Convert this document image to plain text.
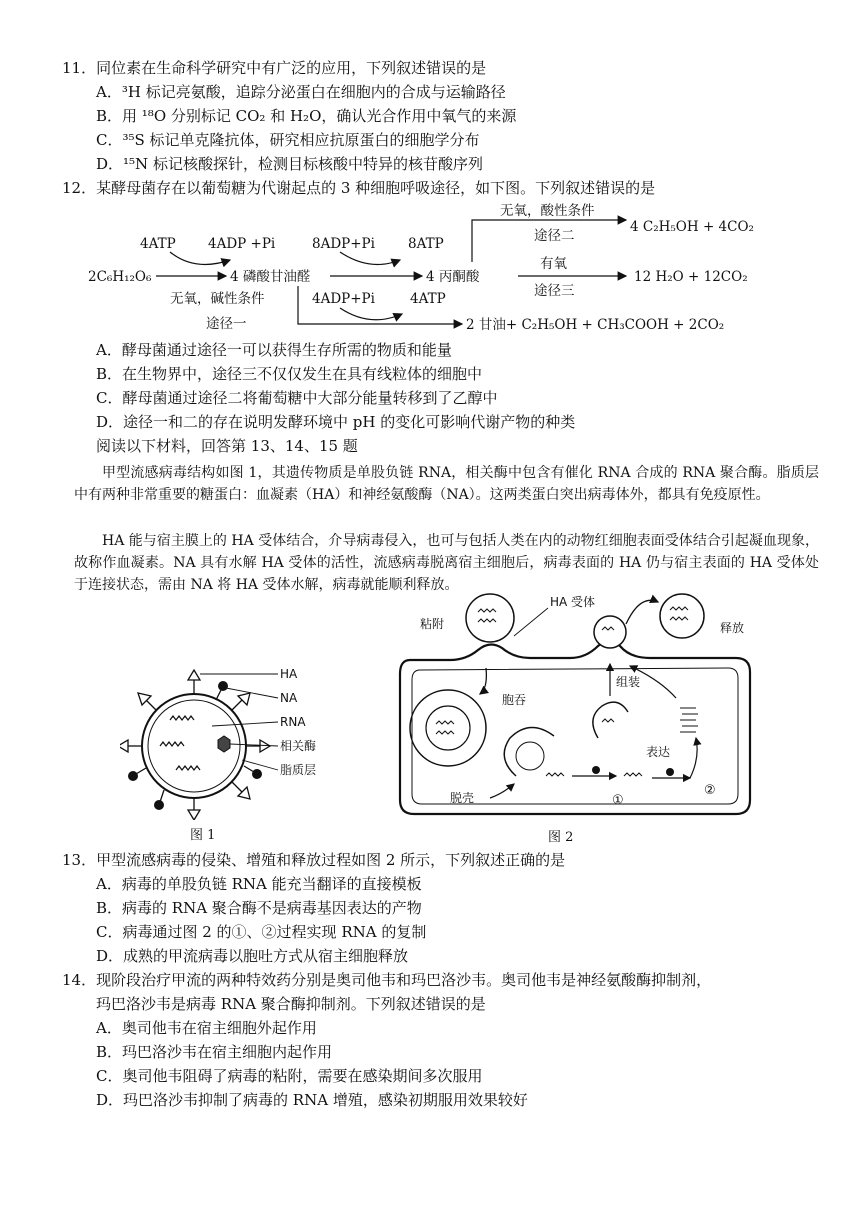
11．同位素在生命科学研究中有广泛的应用，下列叙述错误的是
A．³H 标记亮氨酸，追踪分泌蛋白在细胞内的合成与运输路径
B．用 ¹⁸O 分别标记 CO₂ 和 H₂O，确认光合作用中氧气的来源
C．³⁵S 标记单克隆抗体，研究相应抗原蛋白的细胞学分布
D．¹⁵N 标记核酸探针，检测目标核酸中特异的核苷酸序列
12．某酵母菌存在以葡萄糖为代谢起点的 3 种细胞呼吸途径，如下图。下列叙述错误的是
4ATP 4ADP +Pi	8ADP+Pi 8ATP
2C₆H₁₂O₆	4 磷酸甘油醛	4 丙酮酸
无氧，酸性条件
途径二
4 C₂H₅OH + 4CO₂
有氧
途径三
12 H₂O + 12CO₂
无氧，碱性条件
途径一
4ADP+Pi	4ATP
2 甘油+ C₂H₅OH + CH₃COOH + 2CO₂
A．酵母菌通过途径一可以获得生存所需的物质和能量
B．在生物界中，途径三不仅仅发生在具有线粒体的细胞中
C．酵母菌通过途径二将葡萄糖中大部分能量转移到了乙醇中
D．途径一和二的存在说明发酵环境中 pH 的变化可影响代谢产物的种类
阅读以下材料，回答第 13、14、15 题
甲型流感病毒结构如图 1，其遗传物质是单股负链 RNA，相关酶中包含有催化 RNA 合成的 RNA 聚合酶。脂质层中有两种非常重要的糖蛋白：血凝素（HA）和神经氨酸酶（NA）。这两类蛋白突出病毒体外，都具有免疫原性。
HA 能与宿主膜上的 HA 受体结合，介导病毒侵入，也可与包括人类在内的动物红细胞表面受体结合引起凝血现象，故称作血凝素。NA 具有水解 HA 受体的活性，流感病毒脱离宿主细胞后，病毒表面的 HA 仍与宿主表面的 HA 受体处于连接状态，需由 NA 将 HA 受体水解，病毒就能顺利释放。
HA
NA
RNA
相关酶
脂质层
图 1
粘附
HA 受体
释放
胞吞
脱壳	①
②
表达
组装
图 2
13．甲型流感病毒的侵染、增殖和释放过程如图 2 所示，下列叙述正确的是
A．病毒的单股负链 RNA 能充当翻译的直接模板
B．病毒的 RNA 聚合酶不是病毒基因表达的产物
C．病毒通过图 2 的①、②过程实现 RNA 的复制
D．成熟的甲流病毒以胞吐方式从宿主细胞释放
14．现阶段治疗甲流的两种特效药分别是奥司他韦和玛巴洛沙韦。奥司他韦是神经氨酸酶抑制剂，
玛巴洛沙韦是病毒 RNA 聚合酶抑制剂。下列叙述错误的是
A．奥司他韦在宿主细胞外起作用
B．玛巴洛沙韦在宿主细胞内起作用
C．奥司他韦阻碍了病毒的粘附，需要在感染期间多次服用
D．玛巴洛沙韦抑制了病毒的 RNA 增殖，感染初期服用效果较好
